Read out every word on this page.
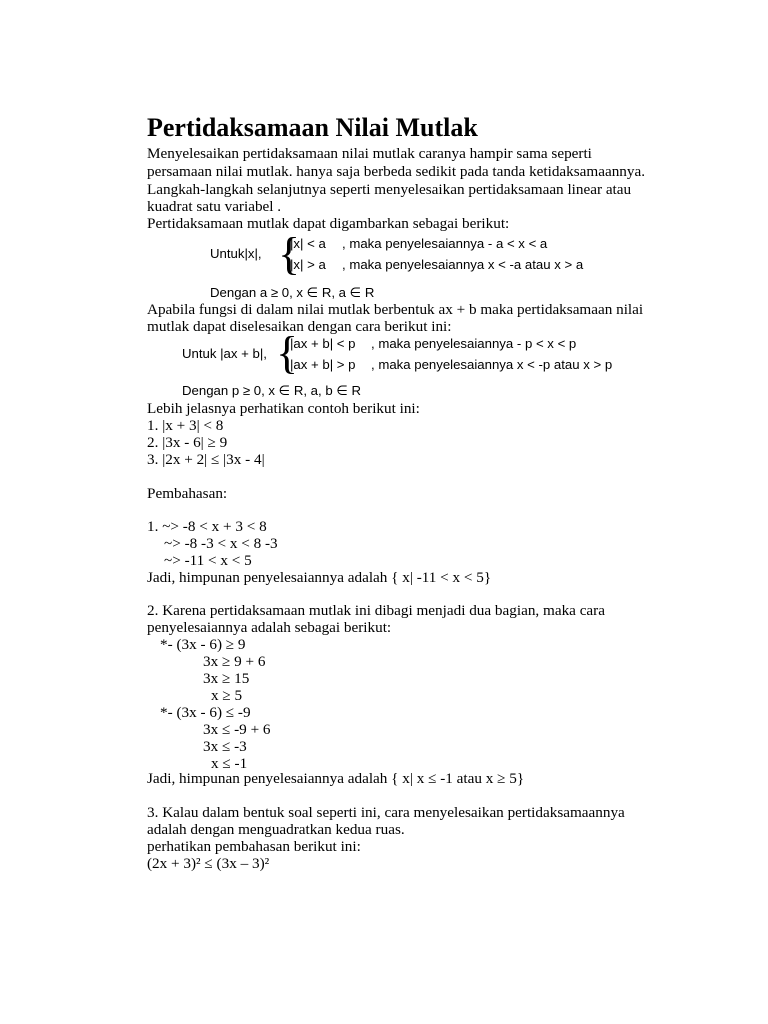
Pertidaksamaan Nilai Mutlak
Menyelesaikan pertidaksamaan nilai mutlak caranya hampir sama seperti
persamaan nilai mutlak. hanya saja berbeda sedikit pada tanda ketidaksamaannya.
Langkah-langkah selanjutnya seperti menyelesaikan pertidaksamaan linear atau
kuadrat satu variabel .
Pertidaksamaan mutlak dapat digambarkan sebagai berikut:
Untuk|x|, {
|x| < a , maka penyelesaiannya - a < x < a
|x| > a , maka penyelesaiannya x < -a atau x > a
Dengan a ≥ 0, x ∈ R, a ∈ R
Apabila fungsi di dalam nilai mutlak berbentuk ax + b maka pertidaksamaan nilai
mutlak dapat diselesaikan dengan cara berikut ini:
Untuk |ax + b|, {
|ax + b| < p , maka penyelesaiannya - p < x < p
|ax + b| > p , maka penyelesaiannya x < -p atau x > p
Dengan p ≥ 0, x ∈ R, a, b ∈ R
Lebih jelasnya perhatikan contoh berikut ini:
1. |x + 3| < 8
2. |3x - 6| ≥ 9
3. |2x + 2| ≤ |3x - 4|
Pembahasan:
1. ~> -8 < x + 3 < 8
~> -8 -3 < x < 8 -3
~> -11 < x < 5
Jadi, himpunan penyelesaiannya adalah { x| -11 < x < 5}
2. Karena pertidaksamaan mutlak ini dibagi menjadi dua bagian, maka cara
penyelesaiannya adalah sebagai berikut:
*- (3x - 6) ≥ 9
3x ≥ 9 + 6
3x ≥ 15
x ≥ 5
*- (3x - 6) ≤ -9
3x ≤ -9 + 6
3x ≤ -3
x ≤ -1
Jadi, himpunan penyelesaiannya adalah { x| x ≤ -1 atau x ≥ 5}
3. Kalau dalam bentuk soal seperti ini, cara menyelesaikan pertidaksamaannya
adalah dengan menguadratkan kedua ruas.
perhatikan pembahasan berikut ini:
(2x + 3)² ≤ (3x – 3)²
